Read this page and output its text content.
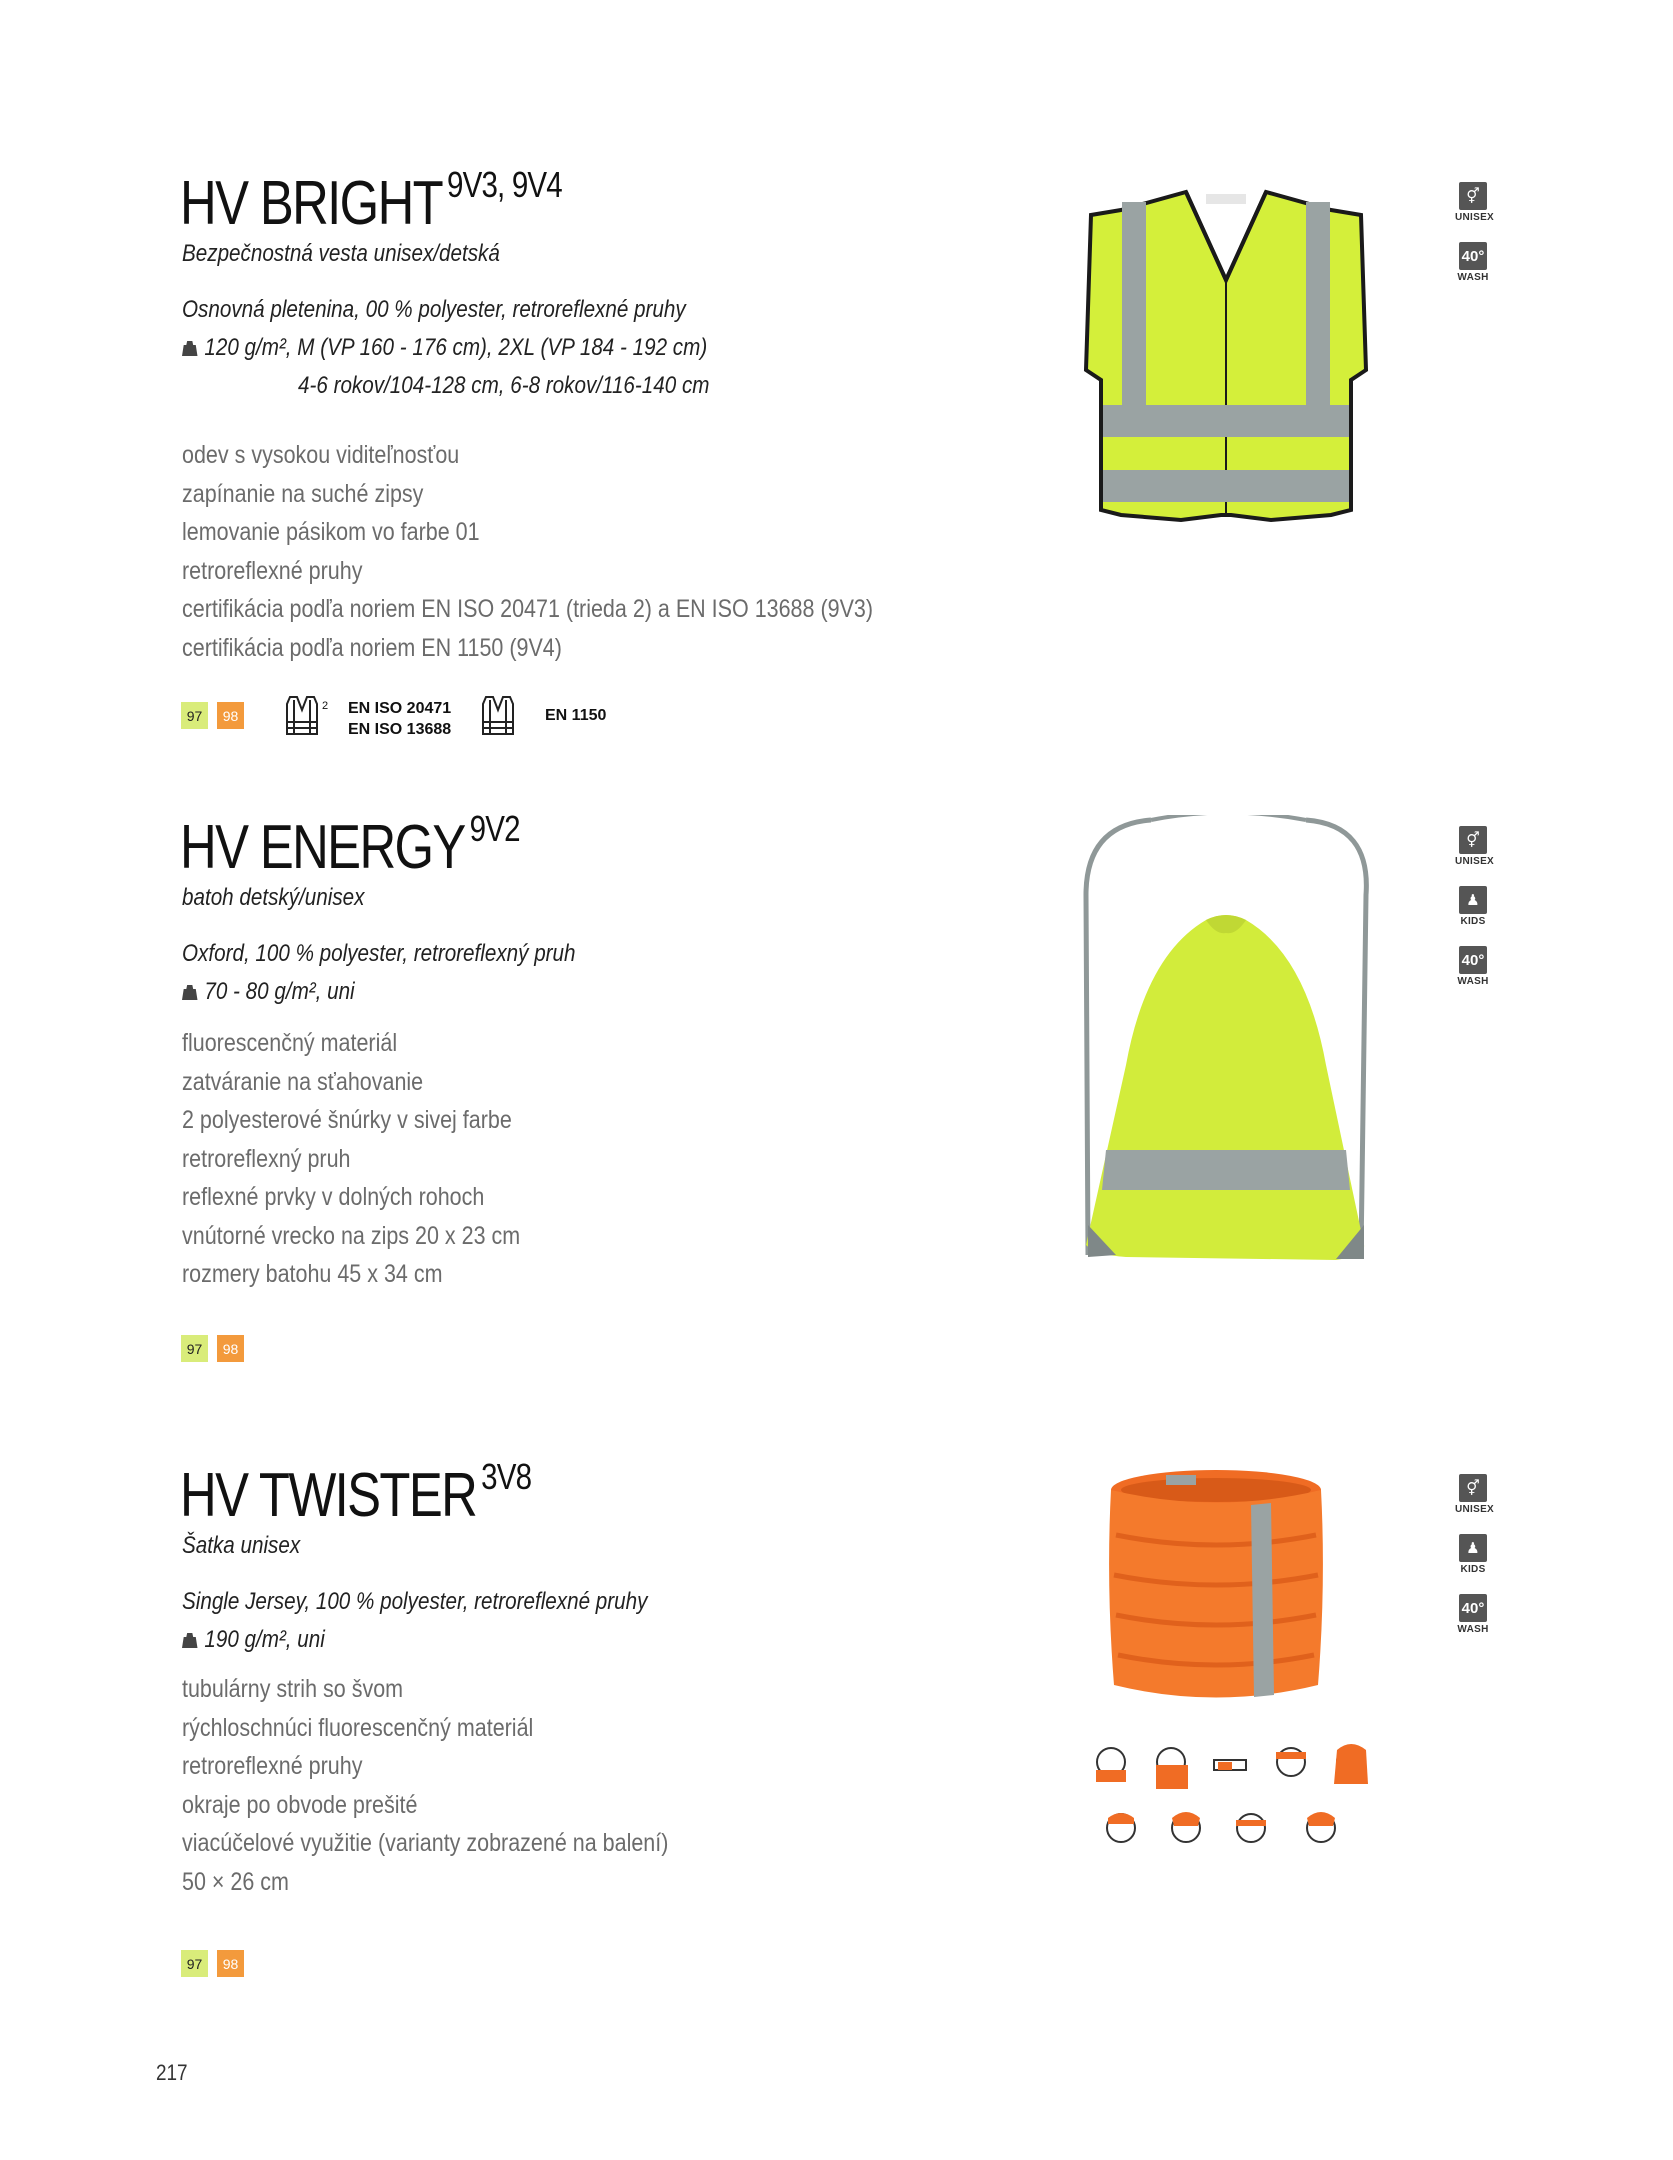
HV BRIGHT $^{9V3, 9V4}$
Bezpečnostná vesta unisex/detská
Osnovná pletenina, 00 % polyester, retroreflexné pruhy
120 g/m², M (VP 160 - 176 cm), 2XL (VP 184 - 192 cm)
4-6 rokov/104-128 cm, 6-8 rokov/116-140 cm
odev s vysokou viditeľnosťou
zapínanie na suché zipsy
lemovanie pásikom vo farbe 01
retroreflexné pruhy
certifikácia podľa noriem EN ISO 20471 (trieda 2) a EN ISO 13688 (9V3)
certifikácia podľa noriem EN 1150 (9V4)
97	98
2 EN ISO 20471
EN ISO 13688
EN 1150
⚥
UNISEX
40°
WASH
HV ENERGY $^{9V2}$
batoh detský/unisex
Oxford, 100 % polyester, retroreflexný pruh
70 - 80 g/m², uni
fluorescenčný materiál
zatváranie na sťahovanie
2 polyesterové šnúrky v sivej farbe
retroreflexný pruh
reflexné prvky v dolných rohoch
vnútorné vrecko na zips 20 x 23 cm
rozmery batohu 45 x 34 cm
97	98
⚥
UNISEX
♟
KIDS
40°
WASH
HV TWISTER $^{3V8}$
Šatka unisex
Single Jersey, 100 % polyester, retroreflexné pruhy
190 g/m², uni
tubulárny strih so švom
rýchloschnúci fluorescenčný materiál
retroreflexné pruhy
okraje po obvode prešité
viacúčelové využitie (varianty zobrazené na balení)
50 × 26 cm
97	98
⚥
UNISEX
♟
KIDS
40°
WASH
217
